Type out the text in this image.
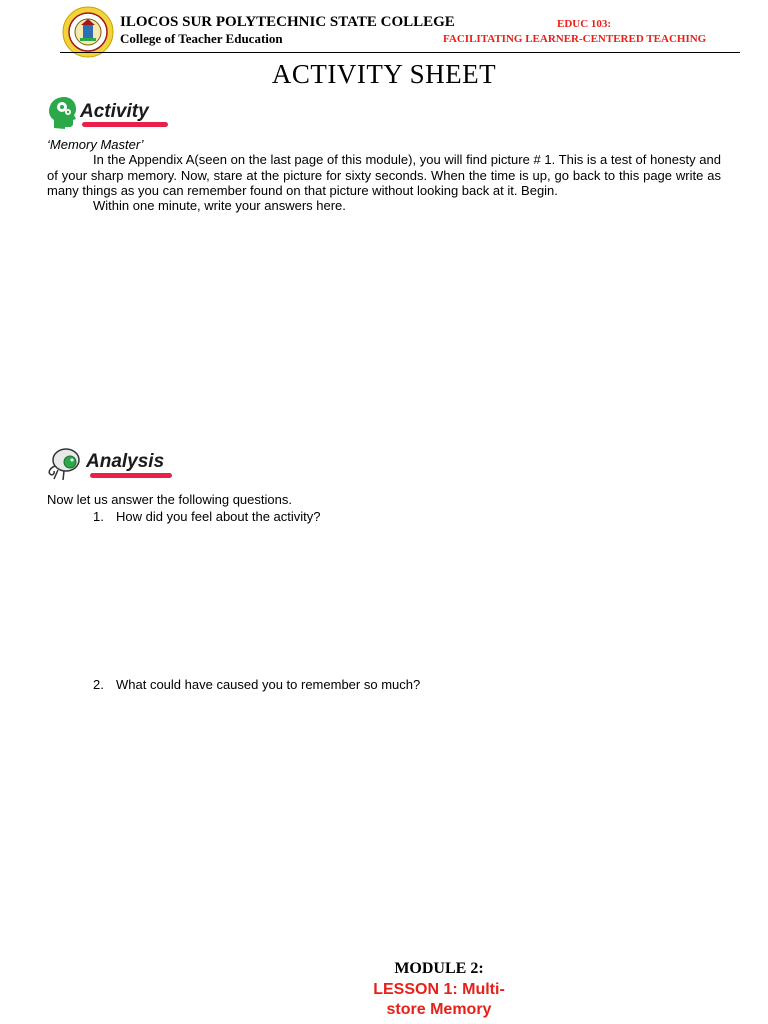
ILOCOS SUR POLYTECHNIC STATE COLLEGE
College of Teacher Education
EDUC 103:
FACILITATING LEARNER-CENTERED TEACHING
ACTIVITY SHEET
Activity

‘Memory Master’

In the Appendix A(seen on the last page of this module), you will find picture # 1. This is a test of honesty and of your sharp memory. Now, stare at the picture for sixty seconds. When the time is up, go back to this page write as many things as you can remember found on that picture without looking back at it. Begin.

Within one minute, write your answers here.

Analysis
Now let us answer the following questions.
1. How did you feel about the activity?
2. What could have caused you to remember so much?
MODULE 2:
LESSON 1: Multi-store Memory
